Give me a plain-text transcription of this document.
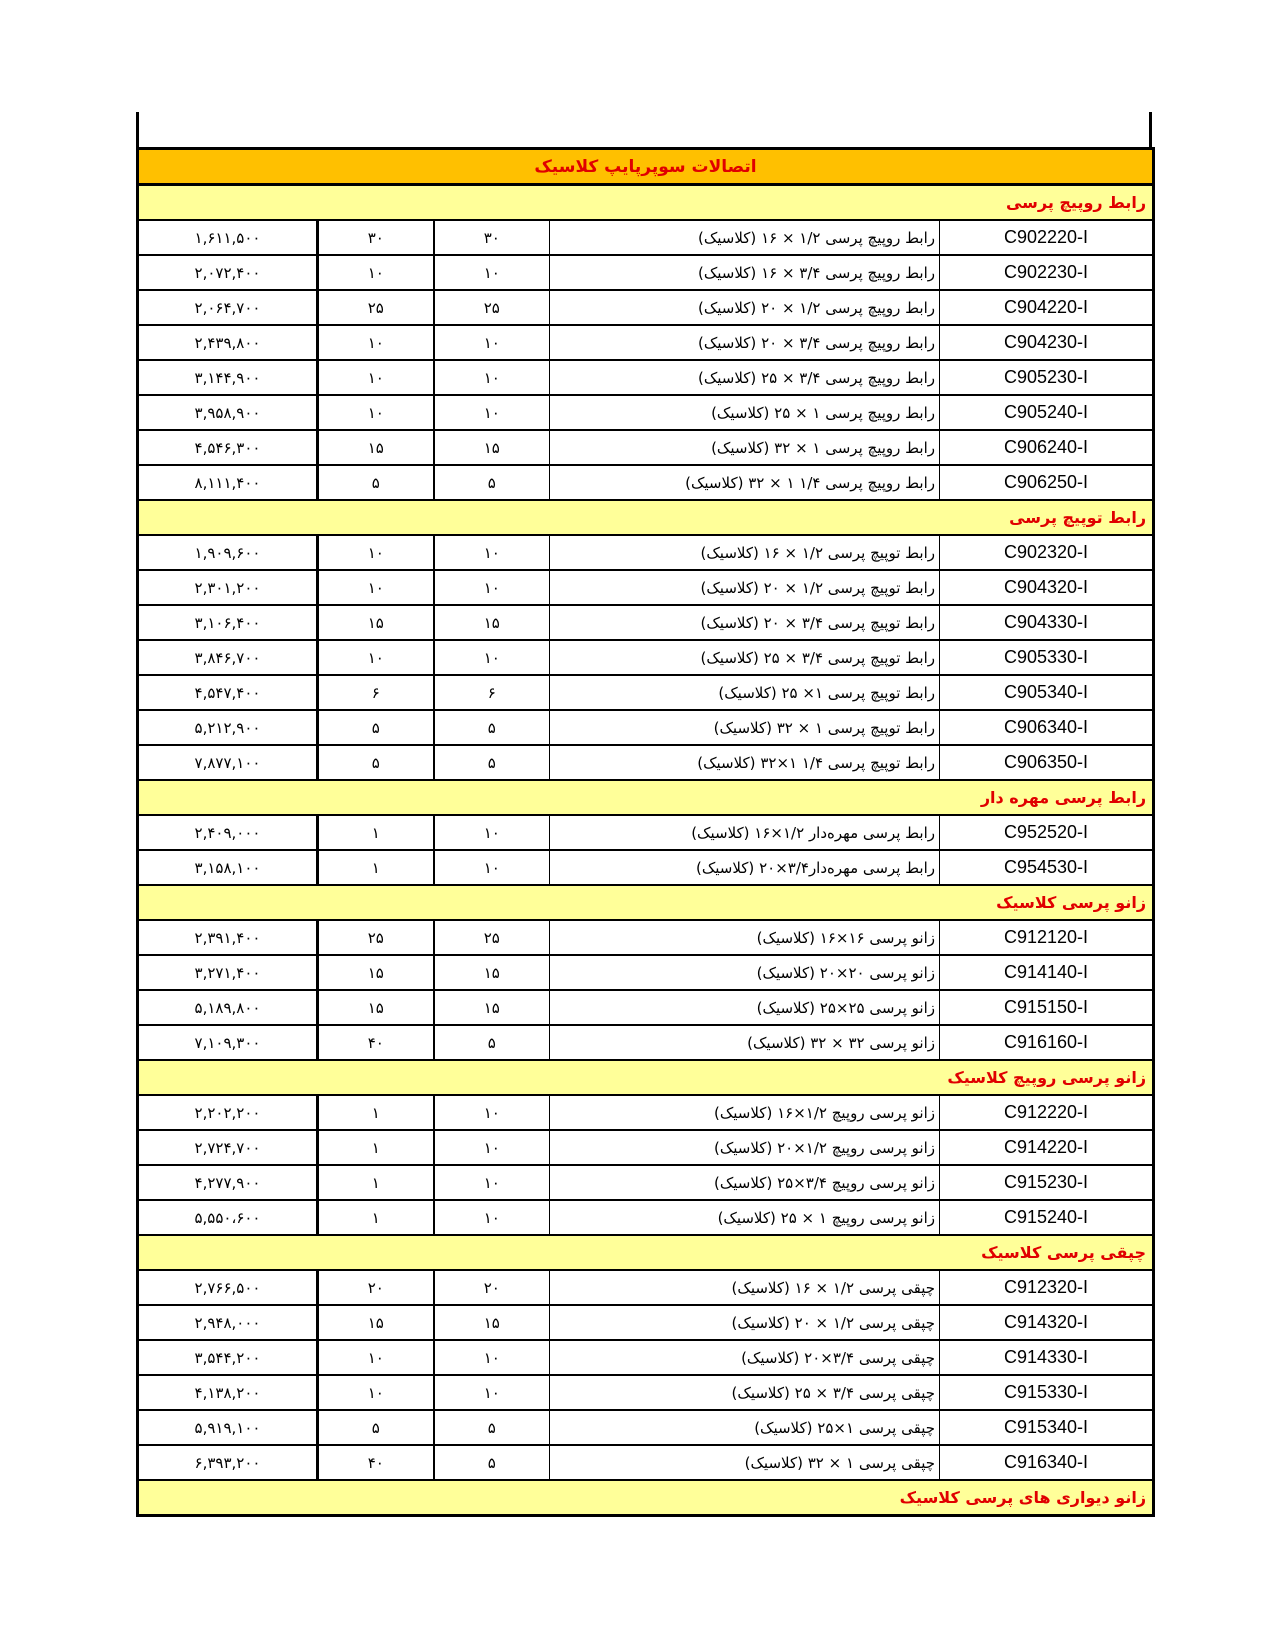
اتصالات سوپرپایپ کلاسیک				
رابط روپیچ پرسی				
۱,۶۱۱,۵۰۰	۳۰	۳۰	رابط روپیچ پرسی ۱/۲ × ۱۶ (کلاسیک)	C902220-I
۲,۰۷۲,۴۰۰	۱۰	۱۰	رابط روپیچ پرسی ۳/۴ × ۱۶ (کلاسیک)	C902230-I
۲,۰۶۴,۷۰۰	۲۵	۲۵	رابط روپیچ پرسی ۱/۲ × ۲۰ (کلاسیک)	C904220-I
۲,۴۳۹,۸۰۰	۱۰	۱۰	رابط روپیچ پرسی ۳/۴ × ۲۰ (کلاسیک)	C904230-I
۳,۱۴۴,۹۰۰	۱۰	۱۰	رابط روپیچ پرسی ۳/۴ × ۲۵ (کلاسیک)	C905230-I
۳,۹۵۸,۹۰۰	۱۰	۱۰	رابط روپیچ پرسی ۱ × ۲۵ (کلاسیک)	C905240-I
۴,۵۴۶,۳۰۰	۱۵	۱۵	رابط روپیچ پرسی ۱ × ۳۲ (کلاسیک)	C906240-I
۸,۱۱۱,۴۰۰	۵	۵	رابط روپیچ پرسی ۱/۴ ۱ × ۳۲ (کلاسیک)	C906250-I
رابط توپیچ پرسی				
۱,۹۰۹,۶۰۰	۱۰	۱۰	رابط توپیچ پرسی ۱/۲ × ۱۶ (کلاسیک)	C902320-I
۲,۳۰۱,۲۰۰	۱۰	۱۰	رابط توپیچ پرسی ۱/۲ × ۲۰ (کلاسیک)	C904320-I
۳,۱۰۶,۴۰۰	۱۵	۱۵	رابط توپیچ پرسی ۳/۴ × ۲۰ (کلاسیک)	C904330-I
۳,۸۴۶,۷۰۰	۱۰	۱۰	رابط توپیچ پرسی ۳/۴ × ۲۵ (کلاسیک)	C905330-I
۴,۵۴۷,۴۰۰	۶	۶	رابط توپیچ پرسی ۱× ۲۵ (کلاسیک)	C905340-I
۵,۲۱۲,۹۰۰	۵	۵	رابط توپیچ پرسی ۱ × ۳۲ (کلاسیک)	C906340-I
۷,۸۷۷,۱۰۰	۵	۵	رابط توپیچ پرسی ۱/۴ ۱×۳۲ (کلاسیک)	C906350-I
رابط پرسی مهره دار				
۲,۴۰۹,۰۰۰	۱	۱۰	رابط پرسی مهره‌دار ۱/۲×۱۶ (کلاسیک)	C952520-I
۳,۱۵۸,۱۰۰	۱	۱۰	رابط پرسی مهره‌دار۳/۴×۲۰ (کلاسیک)	C954530-I
زانو پرسی کلاسیک				
۲,۳۹۱,۴۰۰	۲۵	۲۵	زانو پرسی ۱۶×۱۶ (کلاسیک)	C912120-I
۳,۲۷۱,۴۰۰	۱۵	۱۵	زانو پرسی ۲۰×۲۰ (کلاسیک)	C914140-I
۵,۱۸۹,۸۰۰	۱۵	۱۵	زانو پرسی ۲۵×۲۵ (کلاسیک)	C915150-I
۷,۱۰۹,۳۰۰	۴۰	۵	زانو پرسی ۳۲ × ۳۲ (کلاسیک)	C916160-I
زانو پرسی روپیچ کلاسیک				
۲,۲۰۲,۲۰۰	۱	۱۰	زانو پرسی روپیچ ۱/۲×۱۶ (کلاسیک)	C912220-I
۲,۷۲۴,۷۰۰	۱	۱۰	زانو پرسی روپیچ ۱/۲×۲۰ (کلاسیک)	C914220-I
۴,۲۷۷,۹۰۰	۱	۱۰	زانو پرسی روپیچ ۳/۴×۲۵ (کلاسیک)	C915230-I
۵,۵۵۰،۶۰۰	۱	۱۰	زانو پرسی روپیچ ۱ × ۲۵ (کلاسیک)	C915240-I
چپقی پرسی کلاسیک				
۲,۷۶۶,۵۰۰	۲۰	۲۰	چپقی پرسی ۱/۲ × ۱۶ (کلاسیک)	C912320-I
۲,۹۴۸,۰۰۰	۱۵	۱۵	چپقی پرسی ۱/۲ × ۲۰ (کلاسیک)	C914320-I
۳,۵۴۴,۲۰۰	۱۰	۱۰	چپقی پرسی ۳/۴×۲۰ (کلاسیک)	C914330-I
۴,۱۳۸,۲۰۰	۱۰	۱۰	چپقی پرسی ۳/۴ × ۲۵ (کلاسیک)	C915330-I
۵,۹۱۹,۱۰۰	۵	۵	چپقی پرسی ۱×۲۵ (کلاسیک)	C915340-I
۶,۳۹۳,۲۰۰	۴۰	۵	چپقی پرسی ۱ × ۳۲ (کلاسیک)	C916340-I
زانو دیواری های پرسی کلاسیک				
